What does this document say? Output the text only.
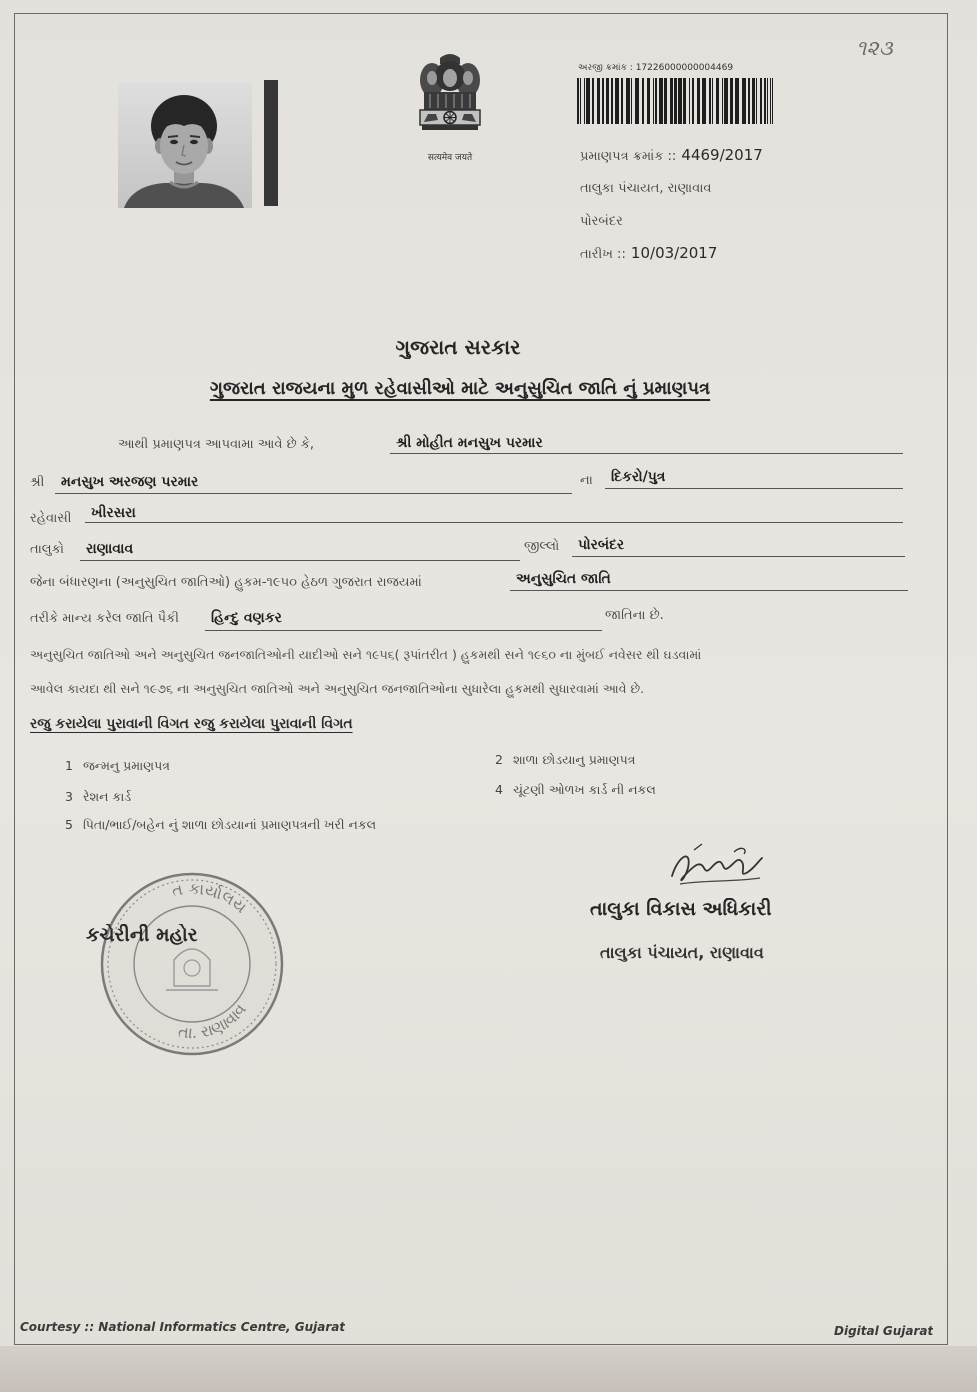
૧૨૩
सत्यमेव जयते
અરજી ક્રમાંક : 17226000000004469
પ્રમાણપત્ર ક્રમાંક :: 4469/2017
તાલુકા પંચાયત, રાણાવાવ
પોરબંદર
તારીખ :: 10/03/2017
ગુજરાત સરકાર
ગુજરાત રાજયના મુળ રહેવાસીઓ માટે અનુસુચિત જાતિ નું પ્રમાણપત્ર
આથી પ્રમાણપત્ર આપવામા આવે છે કે,	શ્રી મોહીત મનસુખ પરમાર
શ્રી	મનસુખ અરજણ પરમાર	ના	દિકરો/પુત્ર
રહેવાસી	ખીરસરા
તાલુકો	રાણાવાવ	જીલ્લો	પોરબંદર
જેના બંધારણના (અનુસુચિત જાતિઓ) હુકમ-૧૯૫૦ હેઠળ ગુજરાત રાજયમાં	અનુસુચિત જાતિ
તરીકે માન્ય કરેલ જાતિ પૈકી	હિન્દુ વણકર	જાતિના છે.
અનુસુચિત જાતિઓ અને અનુસુચિત જનજાતિઓની યાદીઓ સને ૧૯૫૬( રૂપાંતરીત ) હુકમથી સને ૧૯૬૦ ના મુંબઈ નવેસર થી ઘડવામાં
આવેલ કાયદા થી સને ૧૯૭૬ ના અનુસુચિત જાતિઓ અને અનુસુચિત જનજાતિઓના સુધારેલા હુકમથી સુધારવામાં આવે છે.
રજુ કરાયેલા પુરાવાની વિગત રજુ કરાયેલા પુરાવાની વિગત
1 જન્મનુ પ્રમાણપત્ર	2 શાળા છોડયાનુ પ્રમાણપત્ર
3 રેશન કાર્ડ	4 ચૂંટણી ઓળખ કાર્ડ ની નકલ
5 પિતા/ભાઈ/બહેન નું શાળા છોડયાનાં પ્રમાણપત્રની ખરી નકલ
તાલુકા વિકાસ અધિકારી
તાલુકા પંચાયત, રાણાવાવ
ત કાર્યાલય
તા. રાણાવાવ
કચેરીની મહોર
Courtesy :: National Informatics Centre, Gujarat	Digital Gujarat
